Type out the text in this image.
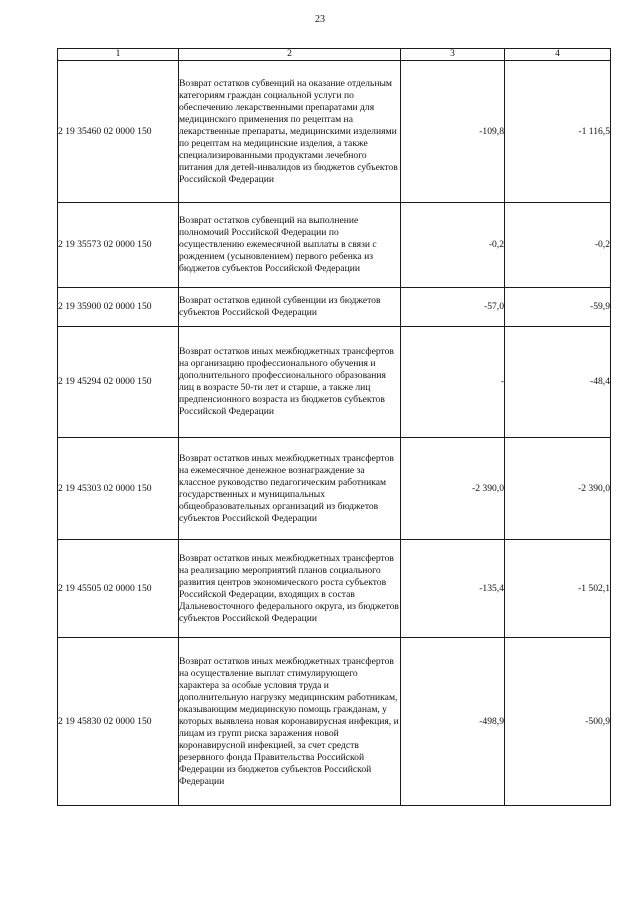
23
1	2	3	4
2 19 35460 02 0000 150	Возврат остатков субвенций на оказание отдельным категориям граждан социальной услуги по обеспечению лекарственными препаратами для медицинского применения по рецептам на лекарственные препараты, медицинскими изделиями по рецептам на медицинские изделия, а также специализированными продуктами лечебного питания для детей-инвалидов из бюджетов субъектов Российской Федерации	-109,8	-1 116,5
2 19 35573 02 0000 150	Возврат остатков субвенций на выполнение полномочий Российской Федерации по осуществлению ежемесячной выплаты в связи с рождением (усыновлением) первого ребенка из бюджетов субъектов Российской Федерации	-0,2	-0,2
2 19 35900 02 0000 150	Возврат остатков единой субвенции из бюджетов субъектов Российской Федерации	-57,0	-59,9
2 19 45294 02 0000 150	Возврат остатков иных межбюджетных трансфертов на организацию профессионального обучения и дополнительного профессионального образования лиц в возрасте 50-ти лет и старше, а также лиц предпенсионного возраста из бюджетов субъектов Российской Федерации	-	-48,4
2 19 45303 02 0000 150	Возврат остатков иных межбюджетных трансфертов на ежемесячное денежное вознаграждение за классное руководство педагогическим работникам государственных и муниципальных общеобразовательных организаций из бюджетов субъектов Российской Федерации	-2 390,0	-2 390,0
2 19 45505 02 0000 150	Возврат остатков иных межбюджетных трансфертов на реализацию мероприятий планов социального развития центров экономического роста субъектов Российской Федерации, входящих в состав Дальневосточного федерального округа, из бюджетов субъектов Российской Федерации	-135,4	-1 502,1
2 19 45830 02 0000 150	Возврат остатков иных межбюджетных трансфертов на осуществление выплат стимулирующего характера за особые условия труда и дополнительную нагрузку медицинским работникам, оказывающим медицинскую помощь гражданам, у которых выявлена новая коронавирусная инфекция, и лицам из групп риска заражения новой коронавирусной инфекцией, за счет средств резервного фонда Правительства Российской Федерации из бюджетов субъектов Российской Федерации	-498,9	-500,9
